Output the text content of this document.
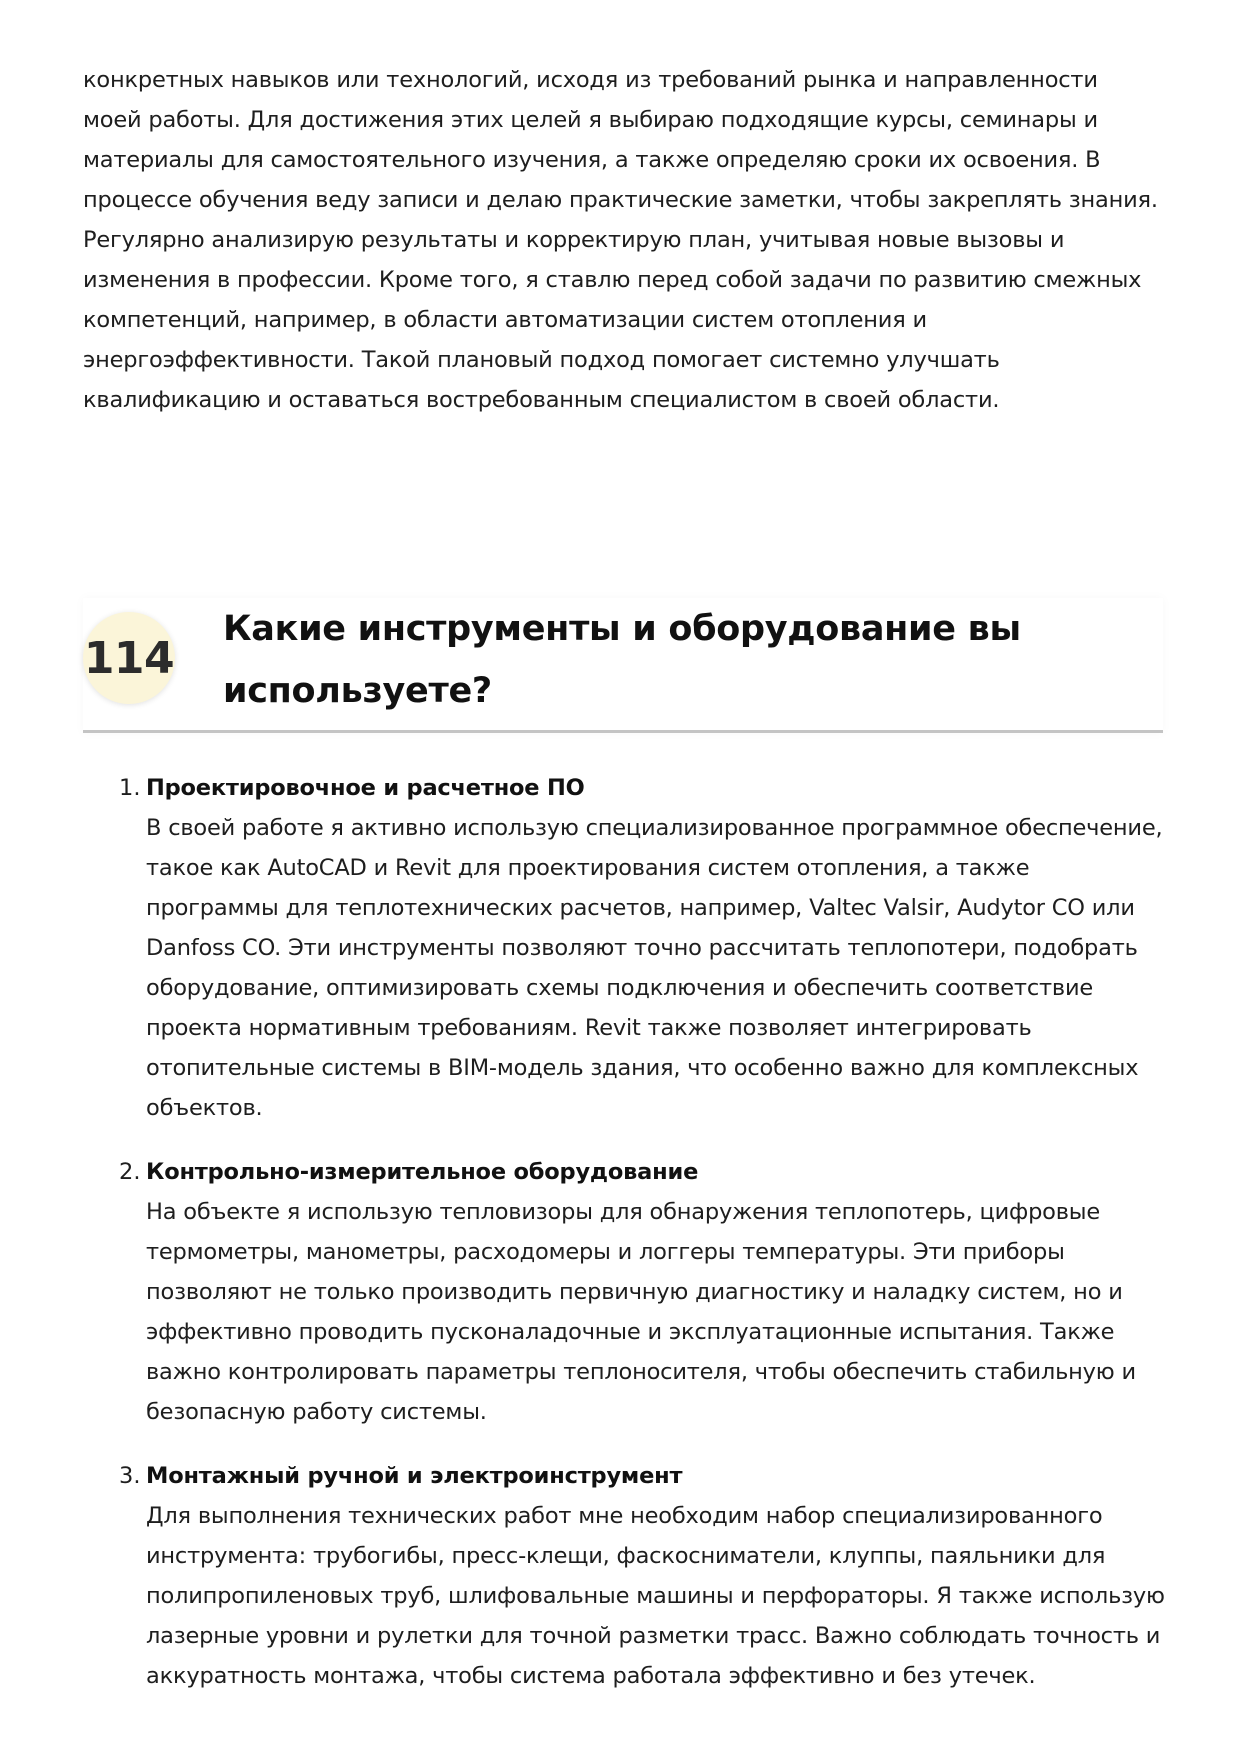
конкретных навыков или технологий, исходя из требований рынка и направленности моей работы. Для достижения этих целей я выбираю подходящие курсы, семинары и материалы для самостоятельного изучения, а также определяю сроки их освоения. В процессе обучения веду записи и делаю практические заметки, чтобы закреплять знания. Регулярно анализирую результаты и корректирую план, учитывая новые вызовы и изменения в профессии. Кроме того, я ставлю перед собой задачи по развитию смежных компетенций, например, в области автоматизации систем отопления и энергоэффективности. Такой плановый подход помогает системно улучшать квалификацию и оставаться востребованным специалистом в своей области.

114
Какие инструменты и оборудование вы используете?
1. Проектировочное и расчетное ПО
В своей работе я активно использую специализированное программное обеспечение, такое как AutoCAD и Revit для проектирования систем отопления, а также программы для теплотехнических расчетов, например, Valtec Valsir, Audytor CO или Danfoss CO. Эти инструменты позволяют точно рассчитать теплопотери, подобрать оборудование, оптимизировать схемы подключения и обеспечить соответствие проекта нормативным требованиям. Revit также позволяет интегрировать отопительные системы в BIM-модель здания, что особенно важно для комплексных объектов.
2. Контрольно-измерительное оборудование
На объекте я использую тепловизоры для обнаружения теплопотерь, цифровые термометры, манометры, расходомеры и логгеры температуры. Эти приборы позволяют не только производить первичную диагностику и наладку систем, но и эффективно проводить пусконаладочные и эксплуатационные испытания. Также важно контролировать параметры теплоносителя, чтобы обеспечить стабильную и безопасную работу системы.
3. Монтажный ручной и электроинструмент
Для выполнения технических работ мне необходим набор специализированного инструмента: трубогибы, пресс-клещи, фаскосниматели, клуппы, паяльники для полипропиленовых труб, шлифовальные машины и перфораторы. Я также использую лазерные уровни и рулетки для точной разметки трасс. Важно соблюдать точность и аккуратность монтажа, чтобы система работала эффективно и без утечек.
